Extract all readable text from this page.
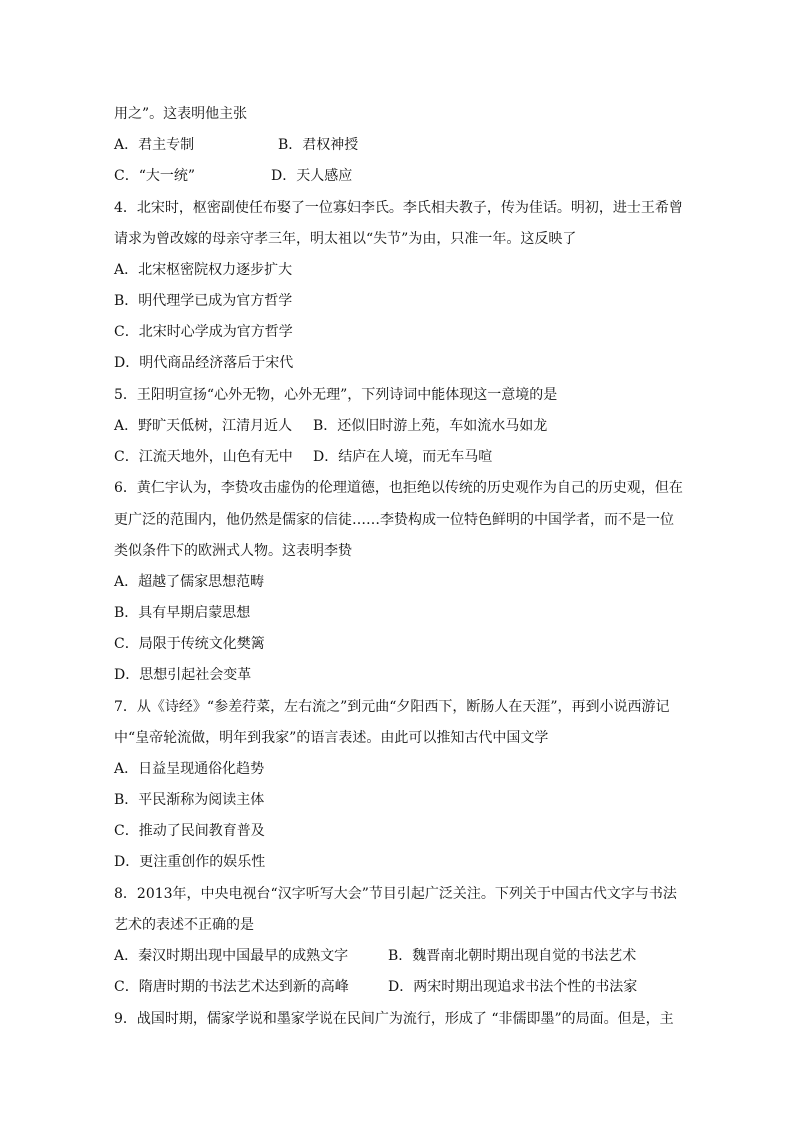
用之”。这表明他主张
A．君主专制	B．君权神授
C．“大一统”	D．天人感应
4．北宋时，枢密副使任布娶了一位寡妇李氏。李氏相夫教子，传为佳话。明初，进士王希曾
请求为曾改嫁的母亲守孝三年，明太祖以“失节”为由，只准一年。这反映了
A．北宋枢密院权力逐步扩大
B．明代理学已成为官方哲学
C．北宋时心学成为官方哲学
D．明代商品经济落后于宋代
5．王阳明宣扬“心外无物，心外无理”，下列诗词中能体现这一意境的是
A．野旷天低树，江清月近人 B．还似旧时游上苑，车如流水马如龙
C．江流天地外，山色有无中 D．结庐在人境，而无车马喧
6．黄仁宇认为，李贽攻击虚伪的伦理道德，也拒绝以传统的历史观作为自己的历史观，但在
更广泛的范围内，他仍然是儒家的信徒……李贽构成一位特色鲜明的中国学者，而不是一位
类似条件下的欧洲式人物。这表明李贽
A．超越了儒家思想范畴
B．具有早期启蒙思想
C．局限于传统文化樊篱
D．思想引起社会变革
7．从《诗经》“参差荇菜，左右流之”到元曲“夕阳西下，断肠人在天涯”，再到小说西游记
中“皇帝轮流做，明年到我家”的语言表述。由此可以推知古代中国文学
A．日益呈现通俗化趋势
B．平民渐称为阅读主体
C．推动了民间教育普及
D．更注重创作的娱乐性
8．2013年，中央电视台“汉字听写大会”节目引起广泛关注。下列关于中国古代文字与书法
艺术的表述不正确的是
A．秦汉时期出现中国最早的成熟文字	B．魏晋南北朝时期出现自觉的书法艺术
C．隋唐时期的书法艺术达到新的高峰	D．两宋时期出现追求书法个性的书法家
9．战国时期，儒家学说和墨家学说在民间广为流行，形成了 “非儒即墨”的局面。但是，主
